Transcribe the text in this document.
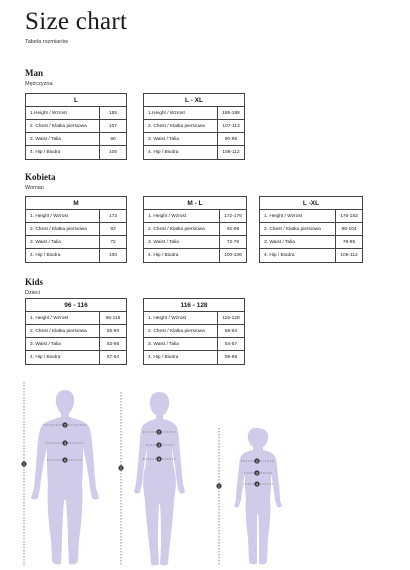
Size chart
Tabela rozmiarów
Man
Mężczyzna
L
1.Height / Wzrost	185
2. Chest / Klatka piersiowa	107
3. Waist / Talia	90
4. Hip / Biodra	106
L - XL
1.Height / Wzrost	185-188
2. Chest / Klatka piersiowa	107-113
3. Waist / Talia	90-96
4. Hip / Biodra	106-112
Kobieta
Woman
M
1. Height / Wzrost	172
2. Chest / Klatka piersiowa	92
3. Waist / Talia	72
4. Hip / Biodra	100
M - L
1. Height / Wzrost	172-176
2. Chest / Klatka piersiowa	92-98
3. Waist / Talia	72-78
4. Hip / Biodra	100-106
L -XL
1. Height / Wzrost	176-182
2. Chest / Klatka piersiowa	98-104
3. Waist / Talia	78-85
4. Hip / Biodra	106-112
Kids
Dzieci
96 - 116
1. Height / Wzrost	96-116
2. Chest / Klatka piersiowa	55-60
3. Waist / Talia	52-56
4. Hip / Biodra	57-64
116 - 128
1. Height / Wzrost	116-128
2. Chest / Klatka piersiowa	58-64
3. Waist / Talia	54-57
4. Hip / Biodra	59-68
1
2
3
4
1
2
3
4
1
2
3
4
